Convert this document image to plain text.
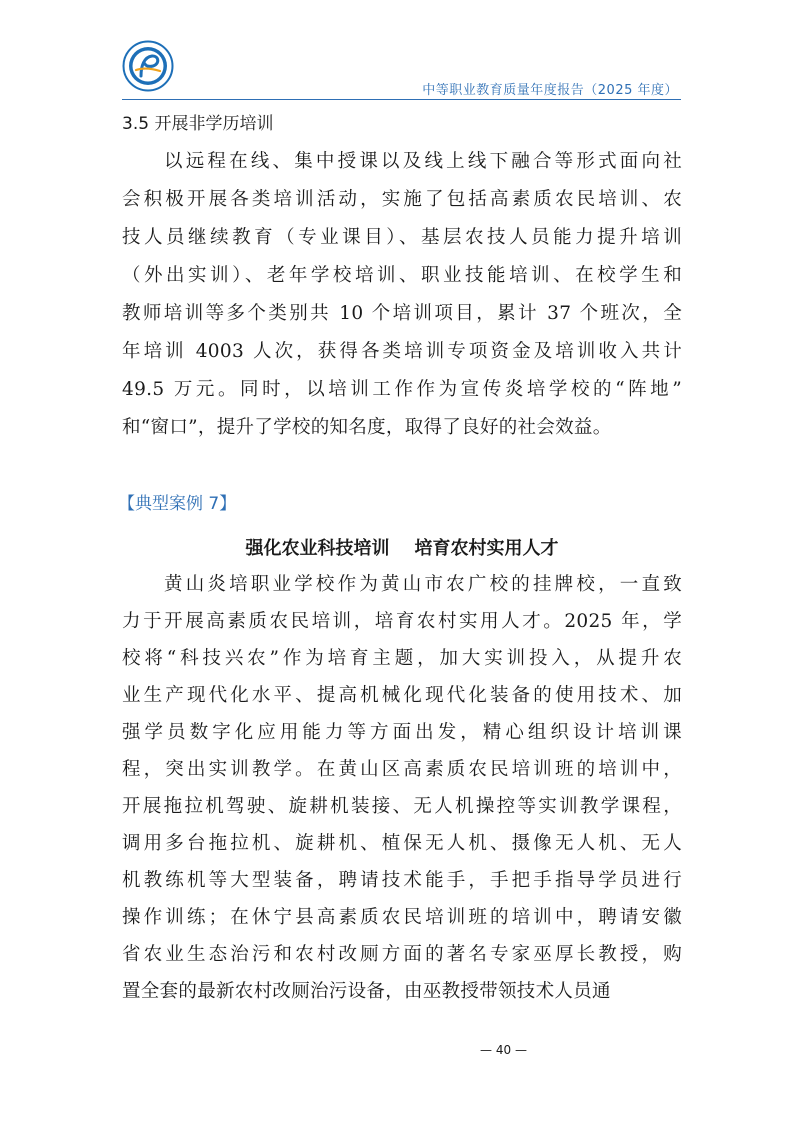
中等职业教育质量年度报告（2025 年度）
3.5 开展非学历培训
以远程在线、集中授课以及线上线下融合等形式面向社
会积极开展各类培训活动，实施了包括高素质农民培训、农
技人员继续教育（专业课目）、基层农技人员能力提升培训
（外出实训）、老年学校培训、职业技能培训、在校学生和
教师培训等多个类别共 10 个培训项目，累计 37 个班次，全
年培训 4003 人次，获得各类培训专项资金及培训收入共计
49.5 万元。同时，以培训工作作为宣传炎培学校的“阵地”
和“窗口”，提升了学校的知名度，取得了良好的社会效益。
【典型案例 7】
强化农业科技培训    培育农村实用人才
黄山炎培职业学校作为黄山市农广校的挂牌校，一直致
力于开展高素质农民培训，培育农村实用人才。2025 年，学
校将“科技兴农”作为培育主题，加大实训投入，从提升农
业生产现代化水平、提高机械化现代化装备的使用技术、加
强学员数字化应用能力等方面出发，精心组织设计培训课
程，突出实训教学。在黄山区高素质农民培训班的培训中，
开展拖拉机驾驶、旋耕机装接、无人机操控等实训教学课程，
调用多台拖拉机、旋耕机、植保无人机、摄像无人机、无人
机教练机等大型装备，聘请技术能手，手把手指导学员进行
操作训练；在休宁县高素质农民培训班的培训中，聘请安徽
省农业生态治污和农村改厕方面的著名专家巫厚长教授，购
置全套的最新农村改厕治污设备，由巫教授带领技术人员通
— 40 —
